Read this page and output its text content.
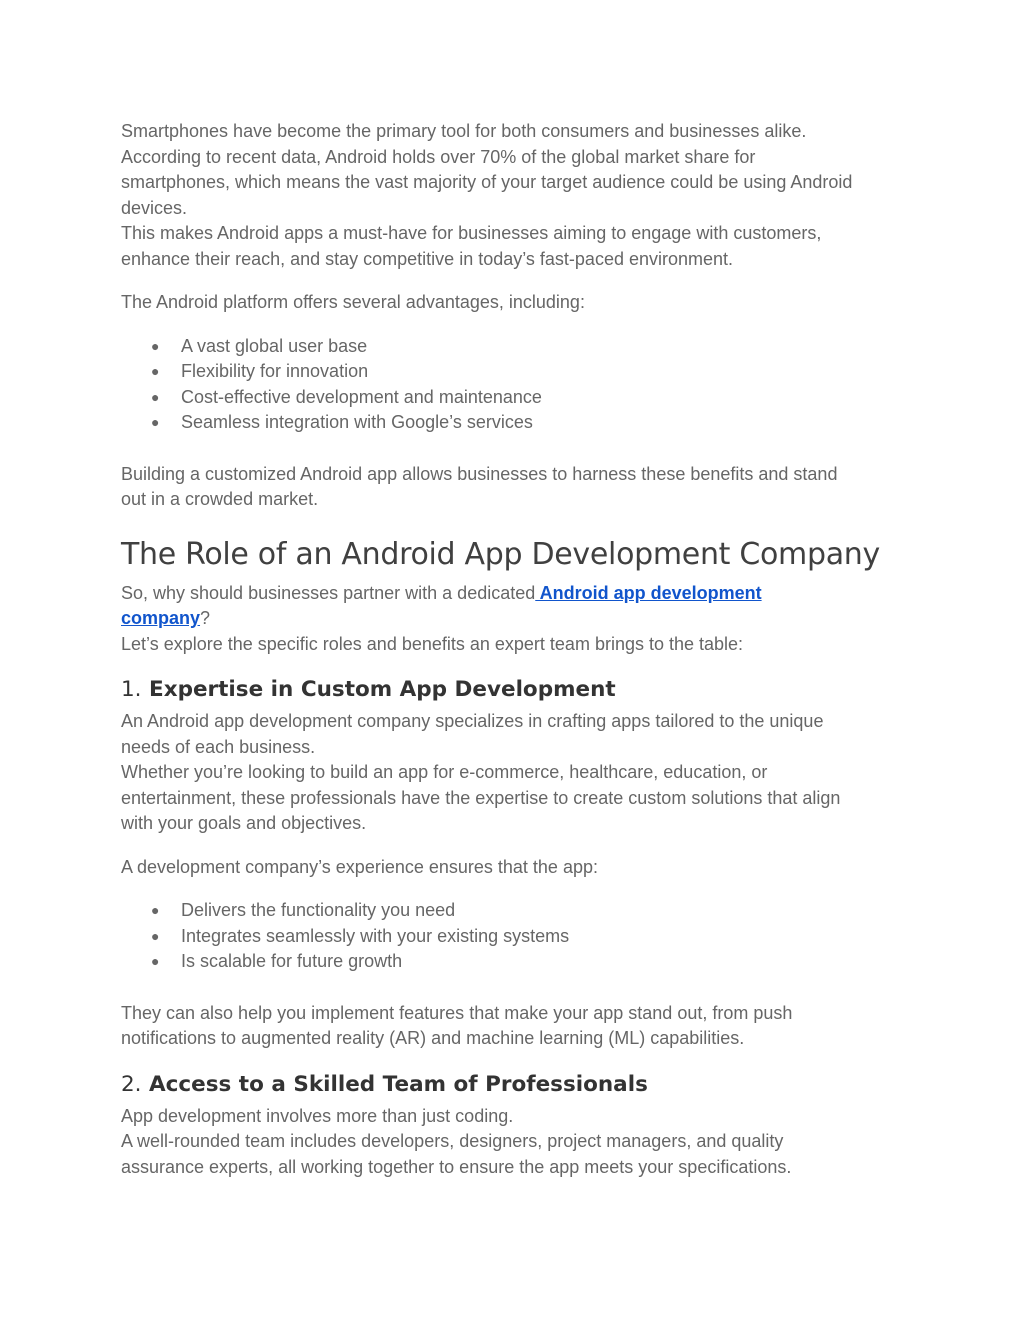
Smartphones have become the primary tool for both consumers and businesses alike.
According to recent data, Android holds over 70% of the global market share for
smartphones, which means the vast majority of your target audience could be using Android
devices.
This makes Android apps a must-have for businesses aiming to engage with customers,
enhance their reach, and stay competitive in today’s fast-paced environment.

The Android platform offers several advantages, including:

● A vast global user base
● Flexibility for innovation
● Cost-effective development and maintenance
● Seamless integration with Google’s services

Building a customized Android app allows businesses to harness these benefits and stand
out in a crowded market.

The Role of an Android App Development Company

So, why should businesses partner with a dedicated Android app development
company?
Let’s explore the specific roles and benefits an expert team brings to the table:

1. Expertise in Custom App Development

An Android app development company specializes in crafting apps tailored to the unique
needs of each business.
Whether you’re looking to build an app for e-commerce, healthcare, education, or
entertainment, these professionals have the expertise to create custom solutions that align
with your goals and objectives.

A development company’s experience ensures that the app:

● Delivers the functionality you need
● Integrates seamlessly with your existing systems
● Is scalable for future growth

They can also help you implement features that make your app stand out, from push
notifications to augmented reality (AR) and machine learning (ML) capabilities.

2. Access to a Skilled Team of Professionals

App development involves more than just coding.
A well-rounded team includes developers, designers, project managers, and quality
assurance experts, all working together to ensure the app meets your specifications.
